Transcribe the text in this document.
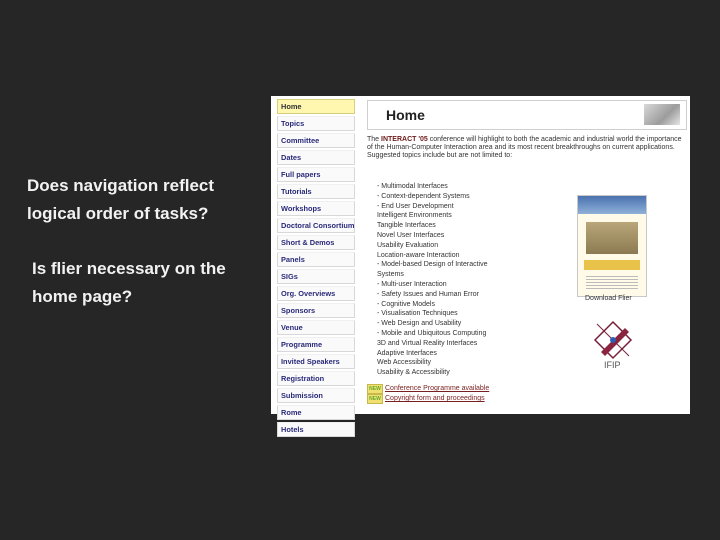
Does navigation reflect logical order of tasks?
Is flier necessary on the home page?
Home
Topics
Committee
Dates
Full papers
Tutorials
Workshops
Doctoral Consortium
Short & Demos
Panels
SIGs
Org. Overviews
Sponsors
Venue
Programme
Invited Speakers
Registration
Submission
Rome
Hotels
Home
The INTERACT '05 conference will highlight to both the academic and industrial world the importance of the Human-Computer Interaction area and its most recent breakthroughs on current applications.
Suggested topics include but are not limited to:
- Multimodal Interfaces
- Context-dependent Systems
- End User Development
Intelligent Environments
Tangible Interfaces
Novel User Interfaces
Usability Evaluation
Location-aware Interaction
- Model-based Design of Interactive
Systems
- Multi-user Interaction
- Safety Issues and Human Error
- Cognitive Models
- Visualisation Techniques
- Web Design and Usability
- Mobile and Ubiquitous Computing
3D and Virtual Reality Interfaces
Adaptive Interfaces
Web Accessibility
Usability & Accessibility
NEW Conference Programme available
NEW Copyright form and proceedings
Download Flier
IFIP
